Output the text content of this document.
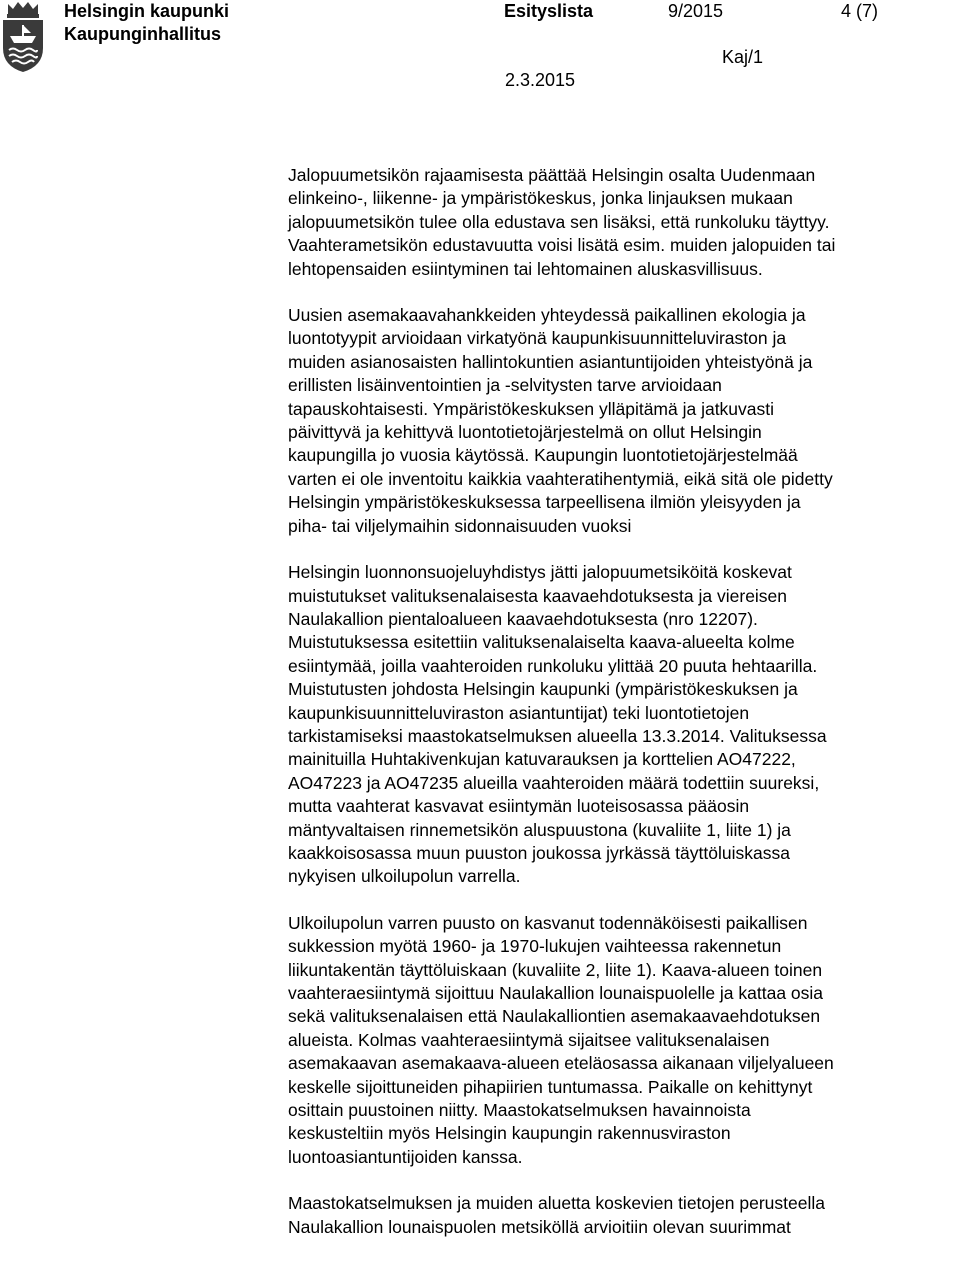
Helsingin kaupunki
Kaupunginhallitus
Esityslista	9/2015	4 (7)
Kaj/1
2.3.2015

Jalopuumetsikön rajaamisesta päättää Helsingin osalta Uudenmaan
elinkeino-, liikenne- ja ympäristökeskus, jonka linjauksen mukaan
jalopuumetsikön tulee olla edustava sen lisäksi, että runkoluku täyttyy.
Vaahterametsikön edustavuutta voisi lisätä esim. muiden jalopuiden tai
lehtopensaiden esiintyminen tai lehtomainen aluskasvillisuus.

Uusien asemakaavahankkeiden yhteydessä paikallinen ekologia ja
luontotyypit arvioidaan virkatyönä kaupunkisuunnitteluviraston ja
muiden asianosaisten hallintokuntien asiantuntijoiden yhteistyönä ja
erillisten lisäinventointien ja -selvitysten tarve arvioidaan
tapauskohtaisesti. Ympäristökeskuksen ylläpitämä ja jatkuvasti
päivittyvä ja kehittyvä luontotietojärjestelmä on ollut Helsingin
kaupungilla jo vuosia käytössä. Kaupungin luontotietojärjestelmää
varten ei ole inventoitu kaikkia vaahteratihentymiä, eikä sitä ole pidetty
Helsingin ympäristökeskuksessa tarpeellisena ilmiön yleisyyden ja
piha- tai viljelymaihin sidonnaisuuden vuoksi

Helsingin luonnonsuojeluyhdistys jätti jalopuumetsiköitä koskevat
muistutukset valituksenalaisesta kaavaehdotuksesta ja viereisen
Naulakallion pientaloalueen kaavaehdotuksesta (nro 12207).
Muistutuksessa esitettiin valituksenalaiselta kaava-alueelta kolme
esiintymää, joilla vaahteroiden runkoluku ylittää 20 puuta hehtaarilla.
Muistutusten johdosta Helsingin kaupunki (ympäristökeskuksen ja
kaupunkisuunnitteluviraston asiantuntijat) teki luontotietojen
tarkistamiseksi maastokatselmuksen alueella 13.3.2014. Valituksessa
mainituilla Huhtakivenkujan katuvarauksen ja korttelien AO47222,
AO47223 ja AO47235 alueilla vaahteroiden määrä todettiin suureksi,
mutta vaahterat kasvavat esiintymän luoteisosassa pääosin
mäntyvaltaisen rinnemetsikön aluspuustona (kuvaliite 1, liite 1) ja
kaakkoisosassa muun puuston joukossa jyrkässä täyttöluiskassa
nykyisen ulkoilupolun varrella.

Ulkoilupolun varren puusto on kasvanut todennäköisesti paikallisen
sukkession myötä 1960- ja 1970-lukujen vaihteessa rakennetun
liikuntakentän täyttöluiskaan (kuvaliite 2, liite 1). Kaava-alueen toinen
vaahteraesiintymä sijoittuu Naulakallion lounaispuolelle ja kattaa osia
sekä valituksenalaisen että Naulakalliontien asemakaavaehdotuksen
alueista. Kolmas vaahteraesiintymä sijaitsee valituksenalaisen
asemakaavan asemakaava-alueen eteläosassa aikanaan viljelyalueen
keskelle sijoittuneiden pihapiirien tuntumassa. Paikalle on kehittynyt
osittain puustoinen niitty. Maastokatselmuksen havainnoista
keskusteltiin myös Helsingin kaupungin rakennusviraston
luontoasiantuntijoiden kanssa.

Maastokatselmuksen ja muiden aluetta koskevien tietojen perusteella
Naulakallion lounaispuolen metsiköllä arvioitiin olevan suurimmat
